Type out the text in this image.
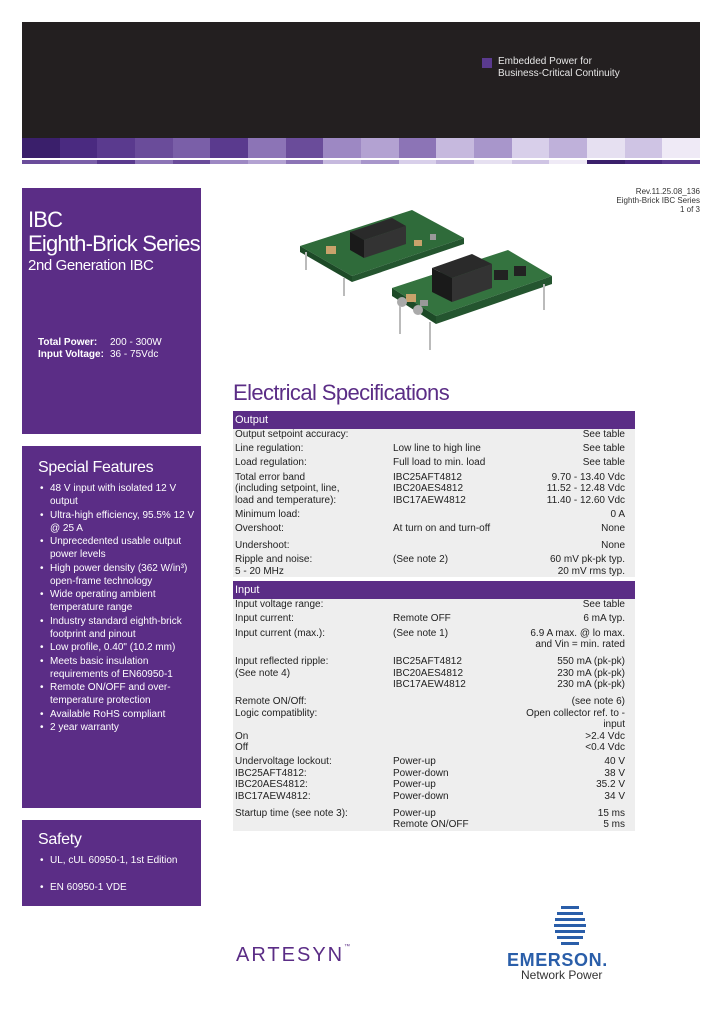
Embedded Power for
Business-Critical Continuity
Rev.11.25.08_136
Eighth-Brick IBC Series
1 of 3
IBC
Eighth-Brick Series
2nd Generation IBC
Total Power:	200 - 300W
Input Voltage: 36 - 75Vdc
Electrical Specifications
Output
Output setpoint accuracy:	See table
Line regulation:	Low line to high line	See table
Load regulation:	Full load to min. load	See table
Total error band	IBC25AFT4812	9.70 - 13.40 Vdc
(including setpoint, line,	IBC20AES4812	11.52 - 12.48 Vdc
load and temperature):	IBC17AEW4812	11.40 - 12.60 Vdc
Minimum load:	0 A
Overshoot:	At turn on and turn-off	None
Undershoot:	None
Ripple and noise:	(See note 2)	60 mV pk-pk typ.
5 - 20 MHz	20 mV rms typ.
Input
Input voltage range:	See table
Input current:	Remote OFF	6 mA typ.
Input current (max.):	(See note 1)	6.9 A max. @ lo max.
and Vin = min. rated
Input reflected ripple:	IBC25AFT4812	550 mA (pk-pk)
(See note 4)	IBC20AES4812	230 mA (pk-pk)
IBC17AEW4812	230 mA (pk-pk)
Remote ON/Off:	(see note 6)
Logic compatiblity:	Open collector ref. to -input
On	>2.4 Vdc
Off	<0.4 Vdc
Undervoltage lockout:	Power-up	40 V
IBC25AFT4812:	Power-down	38 V
IBC20AES4812:	Power-up	35.2 V
IBC17AEW4812:	Power-down	34 V
Startup time (see note 3):	Power-up	15 ms
Remote ON/OFF	5 ms
Special Features
• 48 V input with isolated 12 V output
• Ultra-high efficiency, 95.5% 12 V @ 25 A
• Unprecedented usable output power levels
• High power density (362 W/in³) open-frame technology
• Wide operating ambient temperature range
• Industry standard eighth-brick footprint and pinout
• Low profile, 0.40" (10.2 mm)
• Meets basic insulation requirements of EN60950-1
• Remote ON/OFF and over-temperature protection
• Available RoHS compliant
• 2 year warranty
Safety
• UL, cUL 60950-1, 1st Edition
• EN 60950-1 VDE
ARTESYN™
EMERSON.
Network Power
